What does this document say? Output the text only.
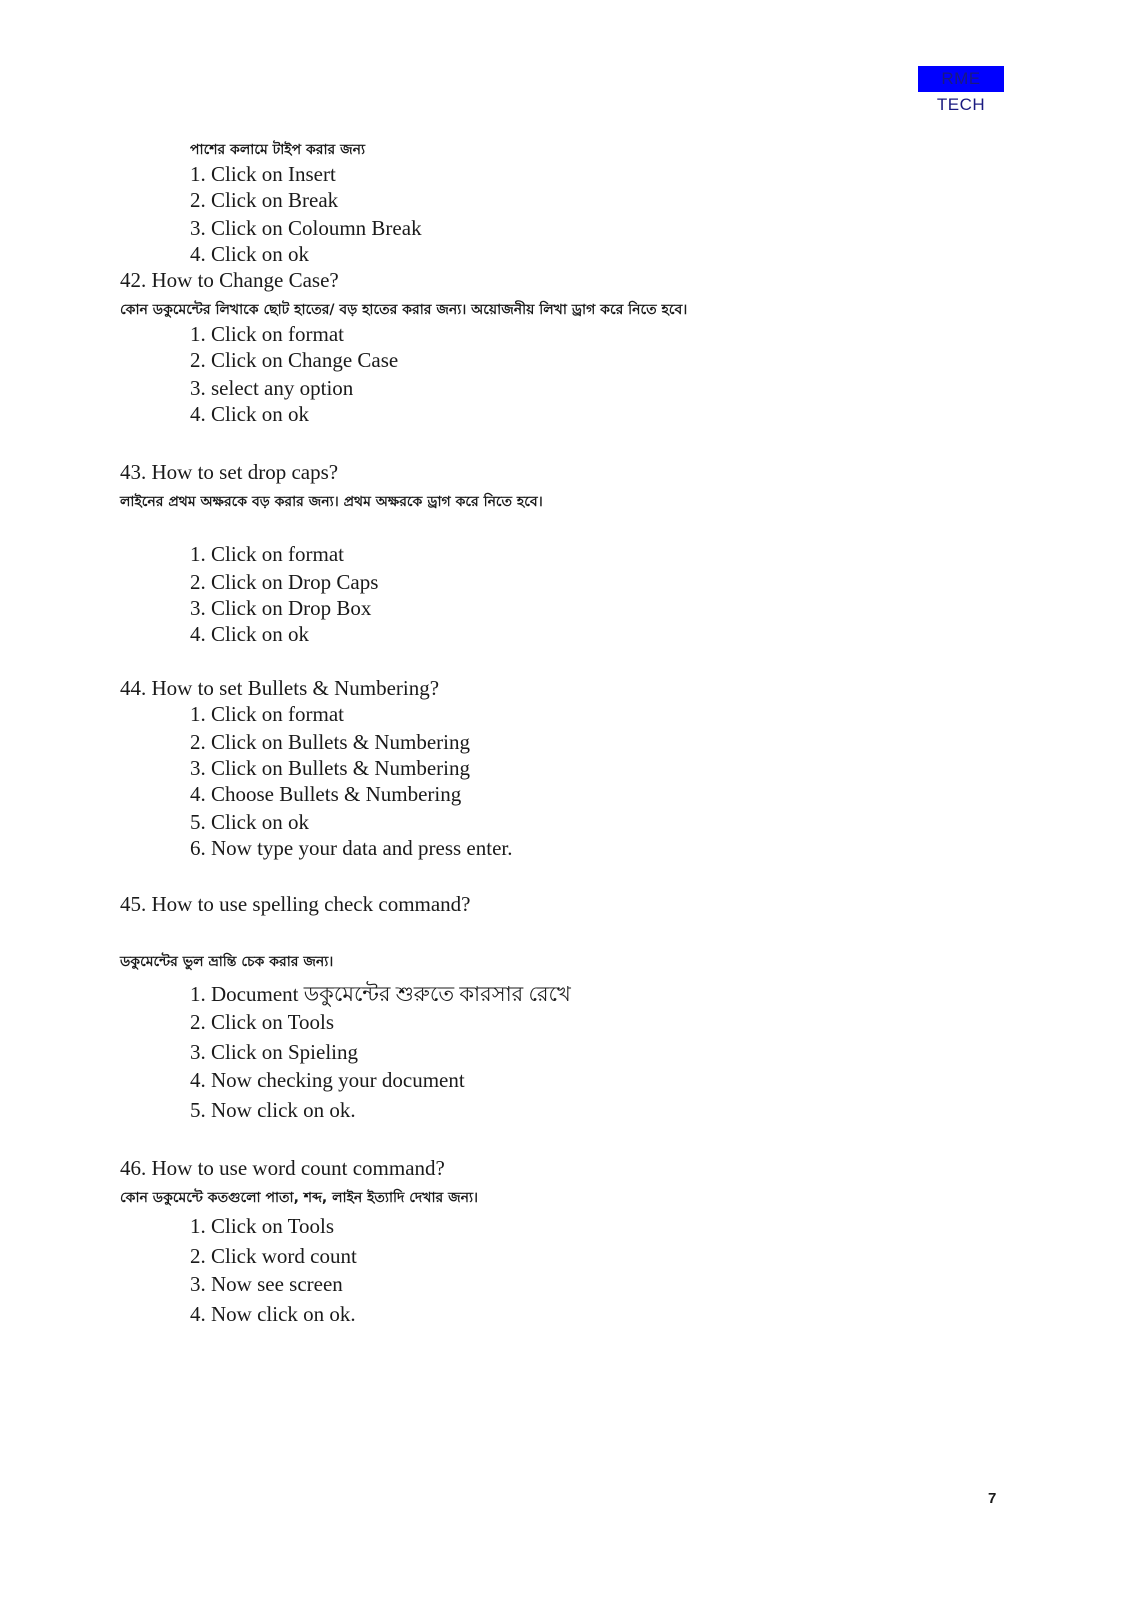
RME TECH
পাশের কলামে টাইপ করার জন্য
1. Click on Insert
2. Click on Break
3. Click on Coloumn Break
4. Click on ok
42. How to Change Case?
কোন ডকুমেন্টের লিখাকে ছোট হাতের/ বড় হাতের করার জন্য। অয়োজনীয় লিখা ড্রাগ করে নিতে হবে।
1. Click on format
2. Click on Change Case
3. select any option
4. Click on ok
43. How to set drop caps?
লাইনের প্রথম অক্ষরকে বড় করার জন্য। প্রথম অক্ষরকে ড্রাগ করে নিতে হবে।
1. Click on format
2. Click on Drop Caps
3. Click on Drop Box
4. Click on ok
44. How to set Bullets & Numbering?
1. Click on format
2. Click on Bullets & Numbering
3. Click on Bullets & Numbering
4. Choose Bullets & Numbering
5. Click on ok
6. Now type your data and press enter.
45. How to use spelling check command?
ডকুমেন্টের ভুল ভ্রান্তি চেক করার জন্য।
1. Document ডকুমেন্টের শুরুতে কারসার রেখে
2. Click on Tools
3. Click on Spieling
4. Now checking your document
5. Now click on ok.
46. How to use word count command?
কোন ডকুমেন্টে কতগুলো পাতা, শব্দ, লাইন ইত্যাদি দেখার জন্য।
1. Click on Tools
2. Click word count
3. Now see screen
4. Now click on ok.
7
